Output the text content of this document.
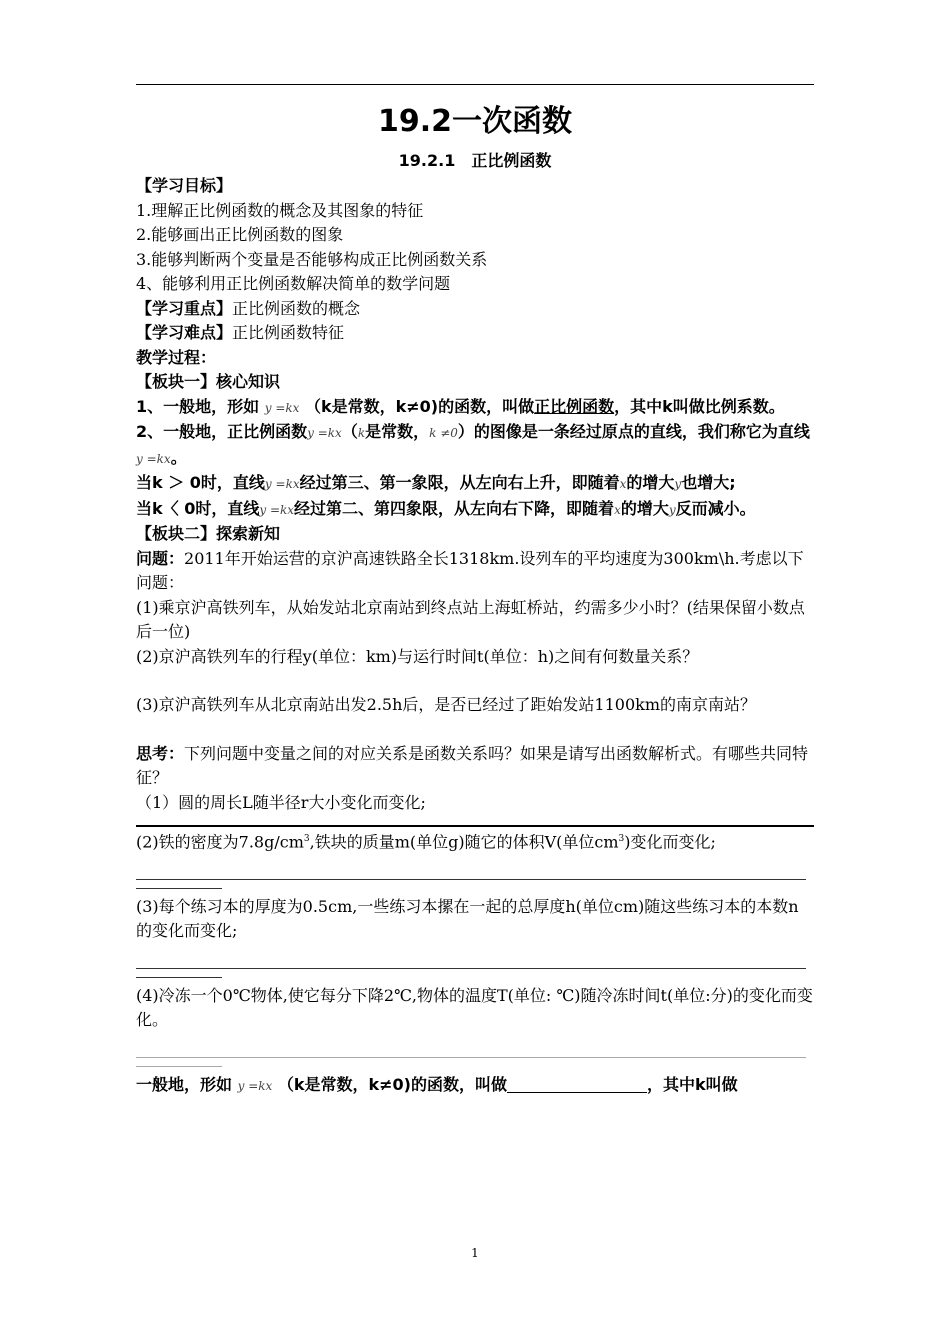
19.2一次函数
19.2.1　正比例函数

【学习目标】

1.理解正比例函数的概念及其图象的特征

2.能够画出正比例函数的图象

3.能够判断两个变量是否能够构成正比例函数关系

4、能够利用正比例函数解决简单的数学问题

【学习重点】正比例函数的概念

【学习难点】正比例函数特征

教学过程：

【板块一】核心知识

1、一般地，形如 y =kx （k是常数，k≠0)的函数，叫做正比例函数，其中k叫做比例系数。

2、一般地，正比例函数y =kx（k是常数，k ≠0）的图像是一条经过原点的直线，我们称它为直线y =kx。

当k ＞ 0时，直线y =kx经过第三、第一象限，从左向右上升，即随着x的增大y也增大;

当k〈 0时，直线y =kx经过第二、第四象限，从左向右下降，即随着x的增大y反而减小。

【板块二】探索新知

问题：2011年开始运营的京沪高速铁路全长1318km.设列车的平均速度为300km\h.考虑以下问题：

(1)乘京沪高铁列车，从始发站北京南站到终点站上海虹桥站，约需多少小时？(结果保留小数点后一位)

(2)京沪高铁列车的行程y(单位：km)与运行时间t(单位：h)之间有何数量关系？

(3)京沪高铁列车从北京南站出发2.5h后，是否已经过了距始发站1100km的南京南站？

思考：下列问题中变量之间的对应关系是函数关系吗？如果是请写出函数解析式。有哪些共同特征？

（1）圆的周长L随半径r大小变化而变化;

(2)铁的密度为$7.8g/cm^3$,铁块的质量m(单位g)随它的体积V(单位$cm^3$)变化而变化;

(3)每个练习本的厚度为0.5cm,一些练习本摞在一起的总厚度h(单位cm)随这些练习本的本数n的变化而变化;

(4)冷冻一个0℃物体,使它每分下降2℃,物体的温度T(单位: ℃)随冷冻时间t(单位:分)的变化而变化。

一般地，形如 y =kx （k是常数，k≠0)的函数，叫做	，其中k叫做

1
